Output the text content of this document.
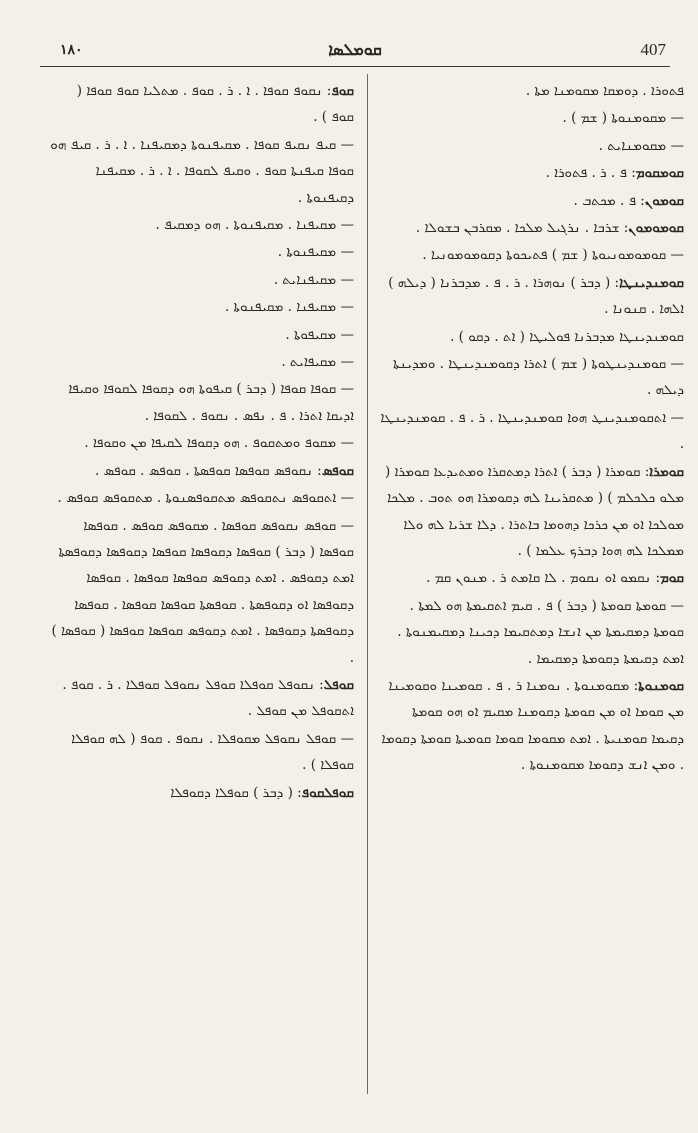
١٨٠	ܩܘܡܠܣܐ	407
ܦܬܘܪܐ . ܕܘܡܩܐ ܡܩܘܡܢܐ ܡܬܐ .
— ܡܩܘܡܢܘܬܐ ( ܫܡ ) .
— ܡܩܘܡܢܐܝܬ .
ܩܘܡܩܘܡ: ܦ . ܪ . ܦܬܘܪܐ .
ܩܘܡܘܢ: ܦ . ܡܟܬܒ .
ܩܘܡܘܡܘܢ: ܫܪܒܐ . ܢܪܓܝܠ ܡܠܟܐ . ܡܩܪܒܢ ܒܫܘܠܐ .
— ܩܘܡܘܡܘܢܝܘܬܐ ( ܫܡ ) ܦܬܝܟܘܬܐ ܕܩܘܡܘܡܘܢܝܐ .
ܩܘܡܢܕܝܢܛܐ: ( ܕܒܪ ) ܢܘܗܪܐ . ܪ . ܦ . ܡܕܒܪܢܐ ( ܕܝܠܗ ) ܐܠܗܐ . ܩܢܘܢܐ .
ܩܘܡܢܕܝܢܛܐ ܡܕܒܪܢܐ ܦܘܠܝܛܐ ( ܐܬ . ܕܩܘ ) .
— ܩܘܡܢܕܝܢܛܘܬܐ ( ܫܡ ) ܐܬܪܐ ܕܩܘܡܢܕܝܢܛܐ . ܘܡܕܝܢܬܐ ܕܝܠܗ .
— ܐܬܩܘܡܢܕܝܢܛ ܗܘܐ ܩܘܡܢܕܝܢܛܐ . ܪ . ܦ . ܩܘܡܢܕܝܢܛܐ .
ܩܘܡܪܐ: ܩܘܡܪܐ ( ܕܒܪ ) ܐܬܪܐ ܕܡܬܩܪܐ ܘܡܬܝܕܥܐ ܩܘܡܪܐ ( ܡܠܘ ܟܠܟܠܡ ) ( ܡܬܩܪܝܢܐ ܠܗ ܕܩܘܡܪܐ ܗܘ ܬܘܒ . ܡܠܟܐ ܡܘܠܟܐ ܐܘ ܡܢ ܟܪܟܐ ܕܗܘܡܐ ܒܐܬܪܐ . ܕܠܐ ܫܪܝܐ ܠܗ ܘܠܐ ܡܡܠܟܐ ܠܗ ܗܘܐ ܕܒܪܟ ܥܠܡܐ ) .
ܩܘܡ: ܢܩܡܘ ܐܘ ܢܩܘܡ . ܠܐ ܩܐܡܬ ܪ . ܡܢܘܢ ܩܡ .
— ܩܘܡܬܐ ܩܘܡܬܐ ( ܕܒܪ ) ܦ . ܩܝܡ ܐܬܩܝܡܬܐ ܗܘ ܠܡܬܐ . ܩܘܡܬܐ ܕܡܩܝܡܬܐ ܡܢ ܐܢܫܐ ܕܡܬܩܝܡܐ ܕܟܝܢܐ ܕܡܩܝܡܢܘܬܐ . ܐܡܬ ܕܩܝܡܬܐ ܕܩܘܡܬܐ ܕܡܩܝܡܐ .
ܩܘܡܢܘܬܐ: ܡܩܘܡܢܘܬܐ . ܢܘܡܢܐ ܪ . ܦ . ܩܘܡܝܢܐ ܘܩܘܡܝܢܐ ܡܢ ܩܘܡܐ ܐܘ ܡܢ ܩܘܡܬܐ ܕܩܘܡܢܐ ܡܩܝܡ ܐܘ ܗܘ ܩܘܡܬܐ ܕܩܝܡܐ ܩܘܡܢܝܬܐ . ܐܡܬ ܡܩܘܡܐ ܩܘܡܐ ܩܘܡܝܬܐ ܩܘܡܬܐ ܕܩܘܡܐ . ܘܡܢ ܐܢܫ ܕܩܘܡܐ ܡܩܘܡܢܘܬܐ .
ܩܘܦ: ܢܩܘܦ ܩܘܦܐ . ܐ . ܪ . ܩܘܦ . ܡܬܠܝܐ ܩܘܦ ܩܘܦܐ ( ܩܘܦ ) .
— ܩܝܦ ܢܩܝܦ ܩܘܦܐ . ܡܩܝܦܢܘܬܐ ܕܡܩܝܦܢܐ . ܐ . ܪ . ܩܝܦ ܗܘ ܩܘܦܐ ܩܝܦܢܬܐ ܩܘܦ . ܘܩܝܦ ܠܩܘܦܐ . ܐ . ܪ . ܡܩܝܦܢܐ ܕܩܝܦܢܘܬܐ .
— ܡܩܝܦܢܐ . ܡܩܝܦܢܘܬܐ . ܗܘ ܕܡܩܝܦ .
— ܡܩܝܦܢܘܬܐ .
— ܡܩܝܦܢܐܝܬ .
— ܡܩܝܦܢܐ . ܡܩܝܦܢܘܬܐ .
— ܡܩܝܦܘܬܐ .
— ܡܩܝܦܐܝܬ .
— ܩܘܦܐ ܩܘܦܐ ( ܕܒܪ ) ܩܝܦܘܬܐ ܗܘ ܕܩܘܦܐ ܠܩܘܦܐ ܘܩܝܦܐ ܐܕܝܩܐ ܐܬܪܐ . ܦ . ܢܦܣ . ܢܩܘܦ . ܠܩܘܦܐ .
— ܡܩܘܦ ܘܡܬܩܘܦ . ܗܘ ܕܩܘܦܐ ܠܩܝܦܐ ܡܢ ܘܩܘܦܐ .
ܩܘܦܣ: ܢܩܘܦܣ ܩܘܦܣܐ ܩܘܦܣܬܐ . ܩܘܦܣ . ܩܘܦܣ .
— ܐܬܩܘܦܣ ܢܬܩܘܦܣ ܡܬܩܘܦܣܢܘܬܐ . ܡܬܩܘܦܣ ܩܘܦܣ .
— ܩܘܦܣ ܢܩܘܦܣ ܩܘܦܣܐ . ܡܩܘܦܣ ܩܘܦܣ . ܩܘܦܣܐ ܩܘܦܣܐ ( ܕܒܪ ) ܩܘܦܣܐ ܕܩܘܦܣܐ ܩܘܦܣܐ ܕܩܘܦܣܐ ܕܩܘܦܣܬܐ ܐܡܬ ܕܩܘܦܣ . ܐܡܬ ܕܩܘܦܣ ܩܘܦܣܐ ܩܘܦܣܐ . ܩܘܦܣܐ ܕܩܘܦܣܐ ܐܘ ܕܩܘܦܣܬܐ . ܩܘܦܣܬܐ ܩܘܦܣܐ ܩܘܦܣܐ . ܩܘܦܣܐ ܕܩܘܦܣܬܐ ܕܩܘܦܣܐ . ܐܡܬ ܕܩܘܦܣ ܩܘܦܣܐ ܩܘܦܣܐ ( ܩܘܦܣܐ ) .
ܩܘܦܠ: ܢܩܘܦܠ ܩܘܦܠܐ ܩܘܦܠ ܢܩܘܦܠ ܩܘܦܠܐ . ܪ . ܩܘܦ . ܐܬܩܘܦܠ ܡܢ ܩܘܦܠ .
— ܩܘܦܠ ܢܩܘܦܠ ܡܩܘܦܠܐ . ܢܩܘܦ . ܩܘܦ ( ܠܗ ܩܘܦܠܐ ܩܘܦܠܐ ) .
ܩܘܦܠܩܘܦ: ( ܕܒܪ ) ܩܘܦܠܐ ܕܩܘܦܠܐ
